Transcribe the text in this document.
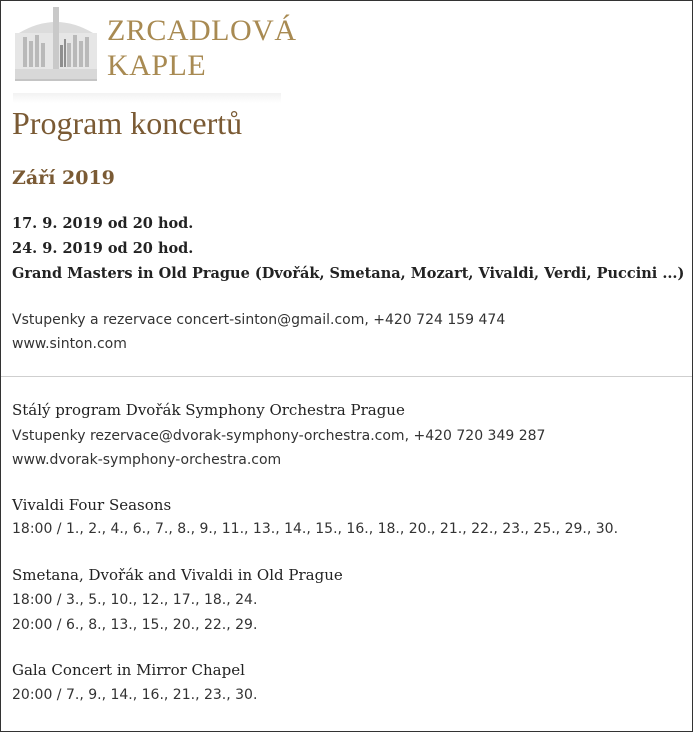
ZRCADLOVÁ
KAPLE
Program koncertů
Září 2019
17. 9. 2019 od 20 hod.
24. 9. 2019 od 20 hod.
Grand Masters in Old Prague (Dvořák, Smetana, Mozart, Vivaldi, Verdi, Puccini ...)
Vstupenky a rezervace concert-sinton@gmail.com, +420 724 159 474
www.sinton.com
Stálý program Dvořák Symphony Orchestra Prague
Vstupenky rezervace@dvorak-symphony-orchestra.com, +420 720 349 287
www.dvorak-symphony-orchestra.com
Vivaldi Four Seasons
18:00 / 1., 2., 4., 6., 7., 8., 9., 11., 13., 14., 15., 16., 18., 20., 21., 22., 23., 25., 29., 30.
Smetana, Dvořák and Vivaldi in Old Prague
18:00 / 3., 5., 10., 12., 17., 18., 24.
20:00 / 6., 8., 13., 15., 20., 22., 29.
Gala Concert in Mirror Chapel
20:00 / 7., 9., 14., 16., 21., 23., 30.
